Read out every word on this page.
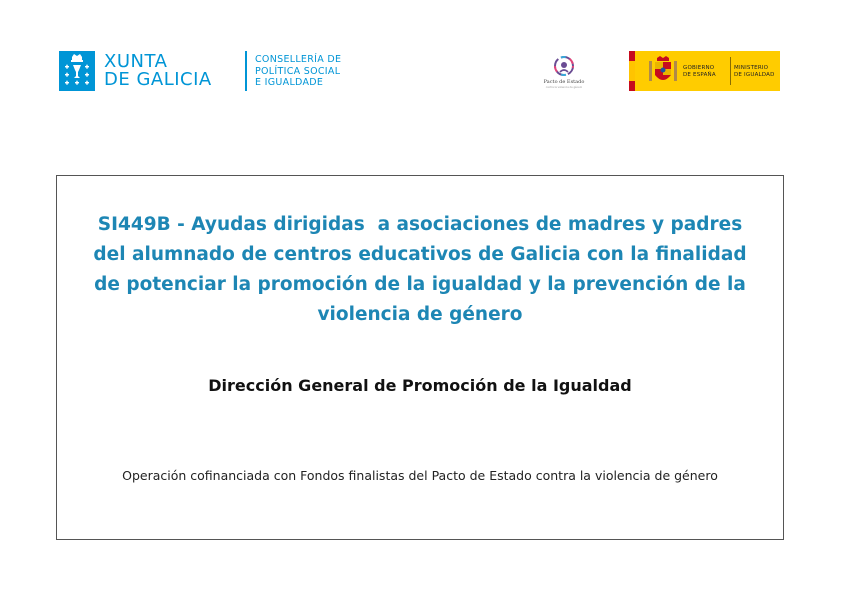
XUNTA
DE GALICIA
CONSELLERÍA DE
POLÍTICA SOCIAL
E IGUALDADE	Pacto de Estado
contra la violencia de género
GOBIERNO
DE ESPAÑA
MINISTERIO
DE IGUALDAD
SI449B - Ayudas dirigidas  a asociaciones de madres y padres
del alumnado de centros educativos de Galicia con la finalidad
de potenciar la promoción de la igualdad y la prevención de la
violencia de género
Dirección General de Promoción de la Igualdad
Operación cofinanciada con Fondos finalistas del Pacto de Estado contra la violencia de género
